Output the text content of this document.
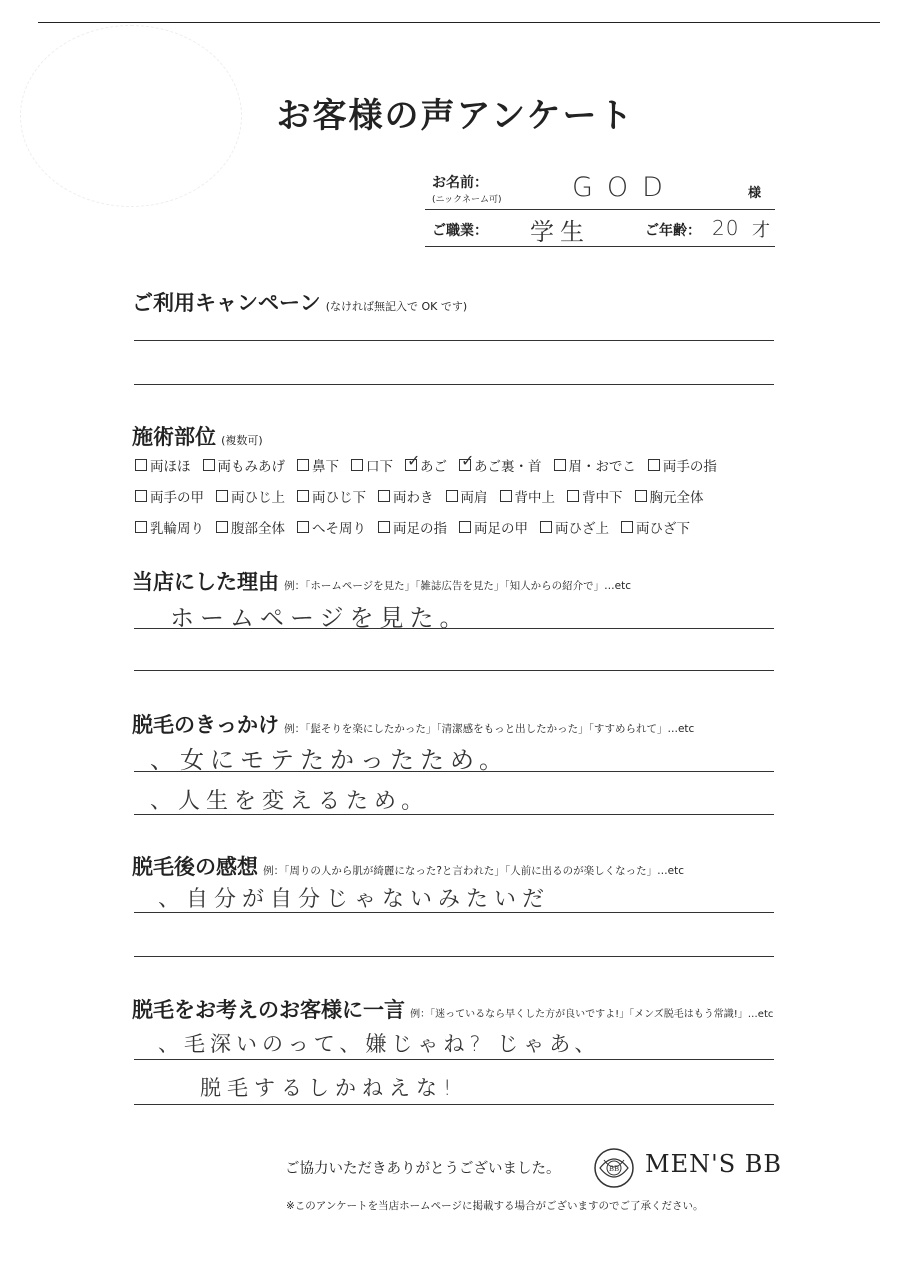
お客様の声アンケート
お名前：
(ニックネーム可)	GOD	様
ご職業： 学生	ご年齢： 20 才
ご利用キャンペーン (なければ無記入で OK です)
施術部位 (複数可)
両ほほ 両もみあげ 鼻下 口下 ✓ あご ✓ あご裏・首 眉・おでこ 両手の指
両手の甲 両ひじ上 両ひじ下 両わき 両肩 背中上 背中下 胸元全体
乳輪周り 腹部全体 へそ周り 両足の指 両足の甲 両ひざ上 両ひざ下
当店にした理由 例：「ホームページを見た」「雑誌広告を見た」「知人からの紹介で」…etc
ホームページを見た。
脱毛のきっかけ 例：「髭そりを楽にしたかった」「清潔感をもっと出したかった」「すすめられて」…etc
、女にモテたかったため。
、人生を変えるため。
脱毛後の感想 例：「周りの人から肌が綺麗になった?と言われた」「人前に出るのが楽しくなった」…etc
、自分が自分じゃないみたいだ
脱毛をお考えのお客様に一言 例：「迷っているなら早くした方が良いですよ!」「メンズ脱毛はもう常識!」…etc
、毛深いのって、嫌じゃね? じゃあ、
脱毛するしかねえな!
ご協力いただきありがとうございました。	BB MEN'S BB
※このアンケートを当店ホームページに掲載する場合がございますのでご了承ください。
